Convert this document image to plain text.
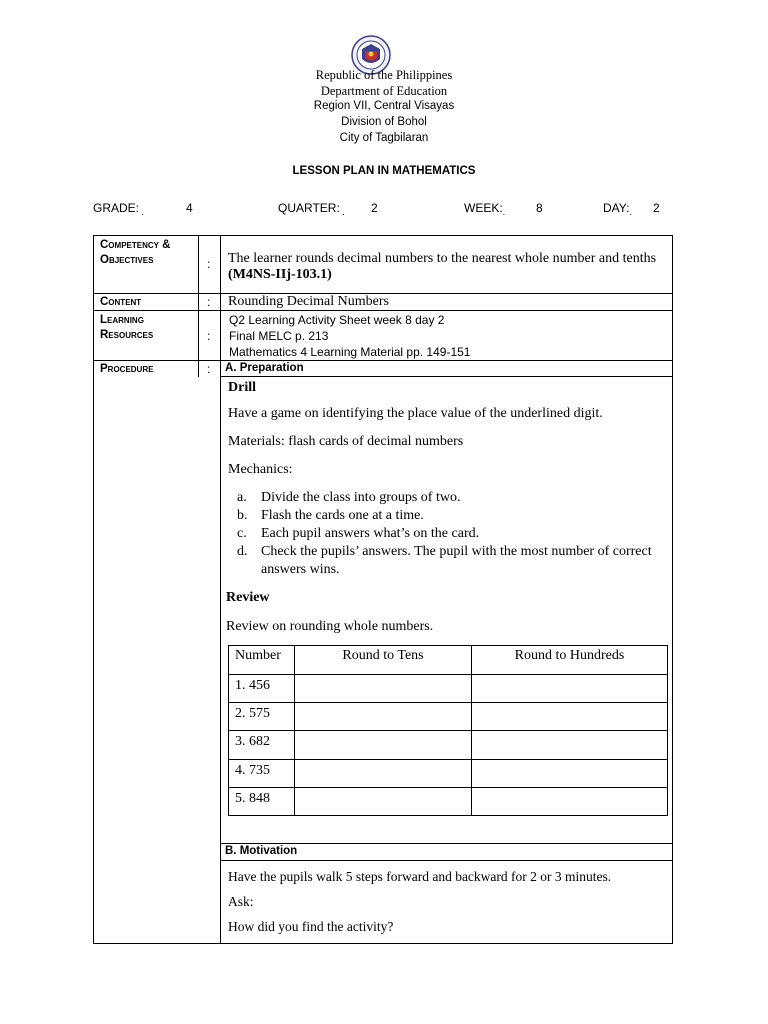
Republic of the Philippines
Department of Education
Region VII, Central Visayas
Division of Bohol
City of Tagbilaran
LESSON PLAN IN MATHEMATICS
GRADE: $_.$	4	QUARTER: $_.$ 2	$WEEK:_.$	8	$DAY:_.$ 2
Competency &
Objectives	: The learner rounds decimal numbers to the nearest whole number and tenths (M4NS-IIj-103.1)
Content	: Rounding Decimal Numbers
Learning
Resources	:
Q2 Learning Activity Sheet week 8 day 2
Final MELC p. 213
Mathematics 4 Learning Material pp. 149-151
Procedure	: A. Preparation
Drill
Have a game on identifying the place value of the underlined digit.
Materials: flash cards of decimal numbers
Mechanics:
a. Divide the class into groups of two.
b. Flash the cards one at a time.
c. Each pupil answers what’s on the card.
d. Check the pupils’ answers. The pupil with the most number of correct answers wins.
Review
Review on rounding whole numbers.
Number	Round to Tens	Round to Hundreds
1. 456		
2. 575		
3. 682		
4. 735		
5. 848		
B. Motivation
Have the pupils walk 5 steps forward and backward for 2 or 3 minutes.
Ask:
How did you find the activity?
